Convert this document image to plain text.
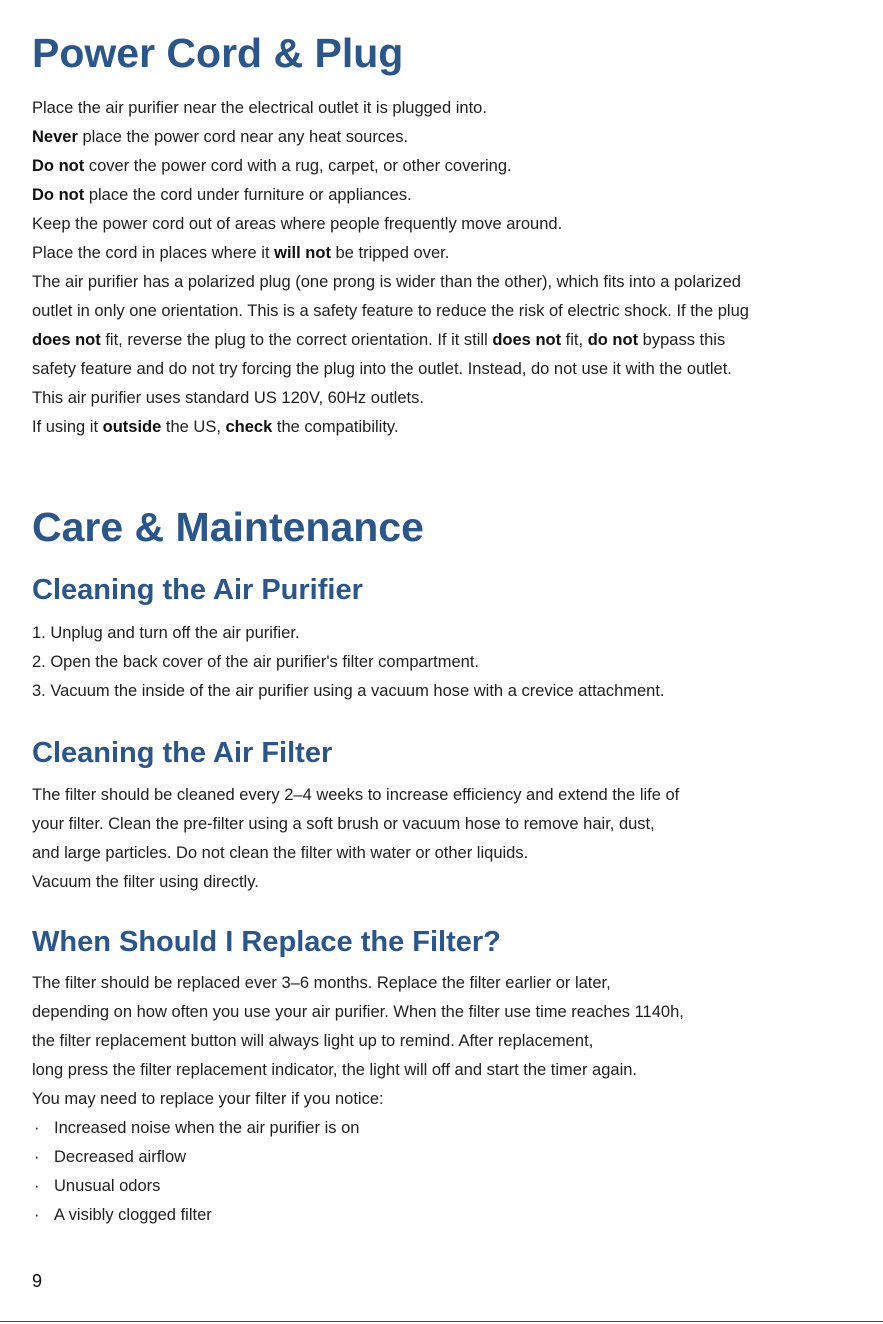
Power Cord & Plug

Place the air purifier near the electrical outlet it is plugged into.

Never place the power cord near any heat sources.

Do not cover the power cord with a rug, carpet, or other covering.

Do not place the cord under furniture or appliances.

Keep the power cord out of areas where people frequently move around.

Place the cord in places where it will not be tripped over.

The air purifier has a polarized plug (one prong is wider than the other), which fits into a polarized

outlet in only one orientation. This is a safety feature to reduce the risk of electric shock. If the plug

does not fit, reverse the plug to the correct orientation. If it still does not fit, do not bypass this

safety feature and do not try forcing the plug into the outlet. Instead, do not use it with the outlet.

This air purifier uses standard US 120V, 60Hz outlets.

If using it outside the US, check the compatibility.

Care & Maintenance
Cleaning the Air Purifier

1. Unplug and turn off the air purifier.

2. Open the back cover of the air purifier's filter compartment.

3. Vacuum the inside of the air purifier using a vacuum hose with a crevice attachment.

Cleaning the Air Filter

The filter should be cleaned every 2–4 weeks to increase efficiency and extend the life of

your filter. Clean the pre-filter using a soft brush or vacuum hose to remove hair, dust,

and large particles. Do not clean the filter with water or other liquids.

Vacuum the filter using directly.

When Should I Replace the Filter?

The filter should be replaced ever 3–6 months. Replace the filter earlier or later,

depending on how often you use your air purifier. When the filter use time reaches 1140h,

the filter replacement button will always light up to remind. After replacement,

long press the filter replacement indicator, the light will off and start the timer again.

You may need to replace your filter if you notice:

· Increased noise when the air purifier is on

· Decreased airflow

· Unusual odors

· A visibly clogged filter

9
